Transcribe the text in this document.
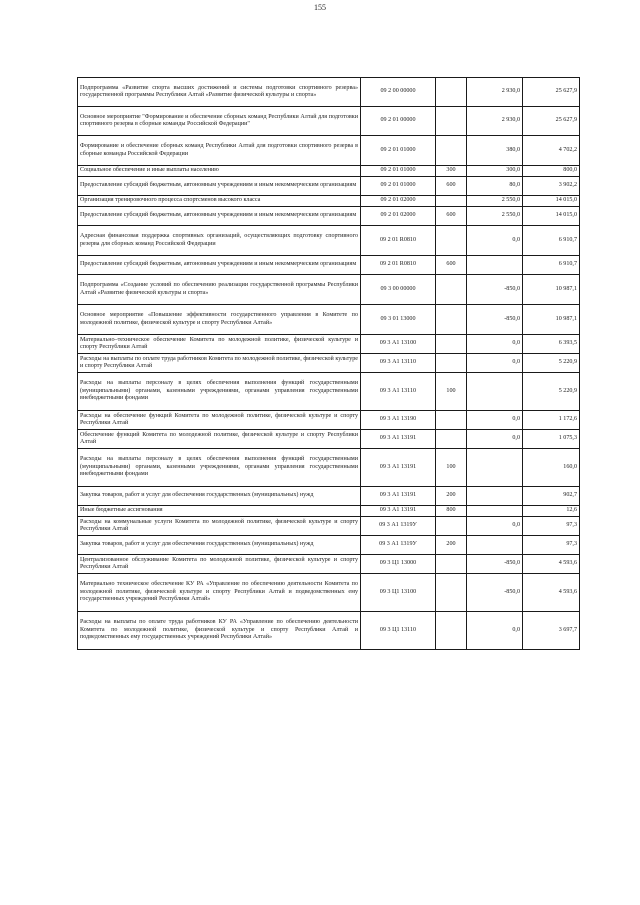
155
Подпрограмма «Развитие спорта высших достижений и системы подготовки спортивного резерва» государственной программы Республики Алтай «Развитие физической культуры и спорта»	09 2 00 00000		2 930,0	25 627,9
Основное мероприятие "Формирование и обеспечение сборных команд Республики Алтай для подготовки спортивного резерва в сборные команды Российской Федерации"	09 2 01 00000		2 930,0	25 627,9
Формирование и обеспечение сборных команд Республики Алтай для подготовки спортивного резерва в сборные команды Российской Федерации	09 2 01 01000		380,0	4 702,2
Социальное обеспечение и иные выплаты населению	09 2 01 01000	300	300,0	800,0
Предоставление субсидий бюджетным, автономным учреждениям и иным некоммерческим организациям	09 2 01 01000	600	80,0	3 902,2
Организация тренировочного процесса спортсменов высокого класса	09 2 01 02000		2 550,0	14 015,0
Предоставление субсидий бюджетным, автономным учреждениям и иным некоммерческим организациям	09 2 01 02000	600	2 550,0	14 015,0
Адресная финансовая поддержка спортивных организаций, осуществляющих подготовку спортивного резерва для сборных команд Российской Федерации	09 2 01 R0810		0,0	6 910,7
Предоставление субсидий бюджетным, автономным учреждениям и иным некоммерческим организациям	09 2 01 R0810	600		6 910,7
Подпрограмма «Создание условий по обеспечению реализации государственной программы Республики Алтай «Развитие физической культуры и спорта»	09 3 00 00000		-850,0	10 987,1
Основное мероприятие «Повышение эффективности государственного управления в Комитете по молодежной политике, физической культуре и спорту Республики Алтай»	09 3 01 13000		-850,0	10 987,1
Материально–техническое обеспечение Комитета по молодежной политике, физической культуре и спорту Республики Алтай	09 3 А1 13100		0,0	6 393,5
Расходы на выплаты по оплате труда работников Комитета по молодежной политике, физической культуре и спорту Республики Алтай	09 3 А1 13110		0,0	5 220,9
Расходы на выплаты персоналу в целях обеспечения выполнения функций государственными (муниципальными) органами, казенными учреждениями, органами управления государственными внебюджетными фондами	09 3 А1 13110	100		5 220,9
Расходы на обеспечение функций Комитета по молодежной политике, физической культуре и спорту Республики Алтай	09 3 А1 13190		0,0	1 172,6
Обеспечение функций Комитета по молодежной политике, физической культуре и спорту Республики Алтай	09 3 А1 13191		0,0	1 075,3
Расходы на выплаты персоналу в целях обеспечения выполнения функций государственными (муниципальными) органами, казенными учреждениями, органами управления государственными внебюджетными фондами	09 3 А1 13191	100		160,0
Закупка товаров, работ и услуг для обеспечения государственных (муниципальных) нужд	09 3 А1 13191	200		902,7
Иные бюджетные ассигнования	09 3 А1 13191	800		12,6
Расходы на коммунальные услуги Комитета по молодежной политике, физической культуре и спорту Республики Алтай	09 3 А1 1319У		0,0	97,3
Закупка товаров, работ и услуг для обеспечения государственных (муниципальных) нужд	09 3 А1 1319У	200		97,3
Централизованное обслуживание Комитета по молодежной политике, физической культуре и спорту Республики Алтай	09 3 Ц1 13000		-850,0	4 593,6
Материально техническое обеспечение КУ РА «Управление по обеспечению деятельности Комитета по молодежной политике, физической культуре и спорту Республики Алтай и подведомственных ему государственных учреждений Республики Алтай»	09 3 Ц1 13100		-850,0	4 593,6
Расходы на выплаты по оплате труда работников КУ РА «Управление по обеспечению деятельности Комитета по молодежной политике, физической культуре и спорту Республики Алтай и подведомственных ему государственных учреждений Республики Алтай»	09 3 Ц1 13110		0,0	3 697,7
